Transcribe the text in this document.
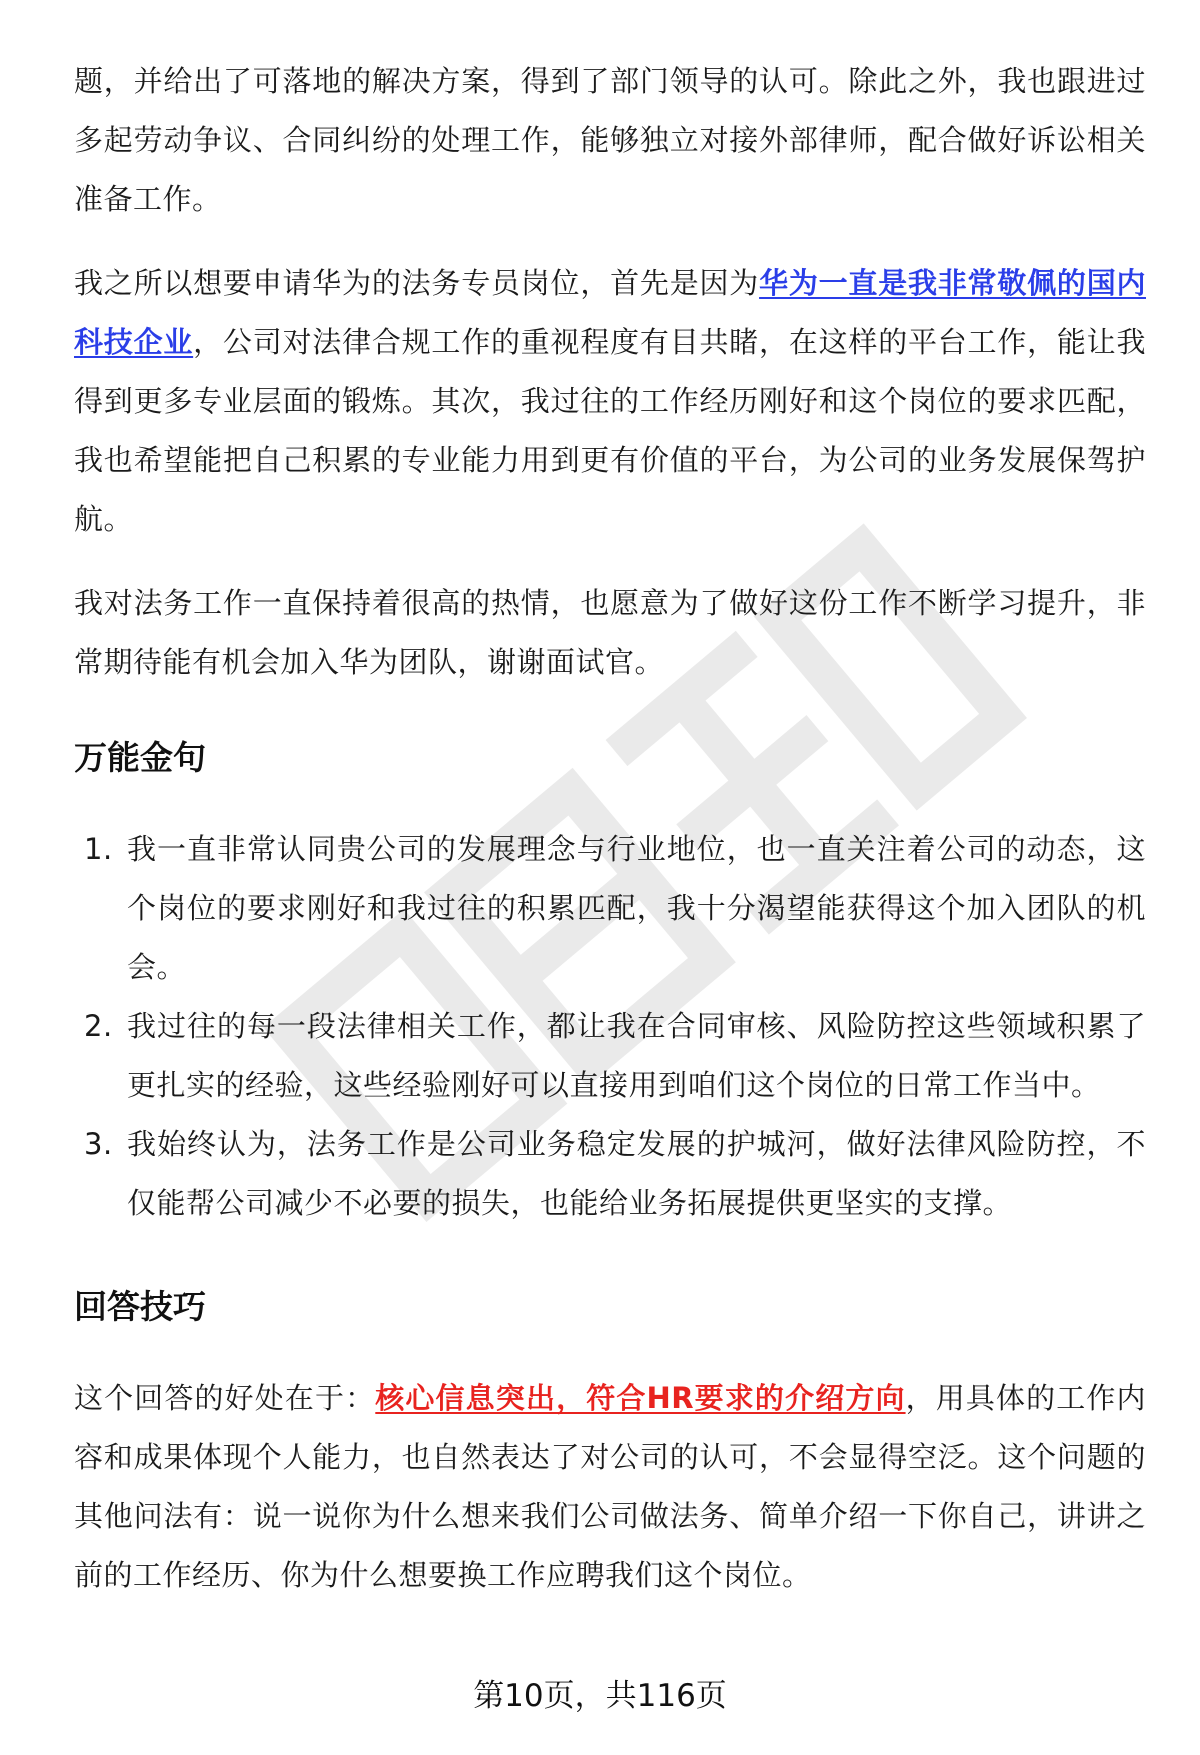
题，并给出了可落地的解决方案，得到了部门领导的认可。除此之外，我也跟进过多起劳动争议、合同纠纷的处理工作，能够独立对接外部律师，配合做好诉讼相关准备工作。

我之所以想要申请华为的法务专员岗位，首先是因为华为一直是我非常敬佩的国内科技企业，公司对法律合规工作的重视程度有目共睹，在这样的平台工作，能让我得到更多专业层面的锻炼。其次，我过往的工作经历刚好和这个岗位的要求匹配，我也希望能把自己积累的专业能力用到更有价值的平台，为公司的业务发展保驾护航。

我对法务工作一直保持着很高的热情，也愿意为了做好这份工作不断学习提升，非常期待能有机会加入华为团队，谢谢面试官。

万能金句
1. 我一直非常认同贵公司的发展理念与行业地位，也一直关注着公司的动态，这个岗位的要求刚好和我过往的积累匹配，我十分渴望能获得这个加入团队的机会。
2. 我过往的每一段法律相关工作，都让我在合同审核、风险防控这些领域积累了更扎实的经验，这些经验刚好可以直接用到咱们这个岗位的日常工作当中。
3. 我始终认为，法务工作是公司业务稳定发展的护城河，做好法律风险防控，不仅能帮公司减少不必要的损失，也能给业务拓展提供更坚实的支撑。
回答技巧

这个回答的好处在于：核心信息突出，符合HR要求的介绍方向，用具体的工作内容和成果体现个人能力，也自然表达了对公司的认可，不会显得空泛。这个问题的其他问法有：说一说你为什么想来我们公司做法务、简单介绍一下你自己，讲讲之前的工作经历、你为什么想要换工作应聘我们这个岗位。

第10页，共116页
